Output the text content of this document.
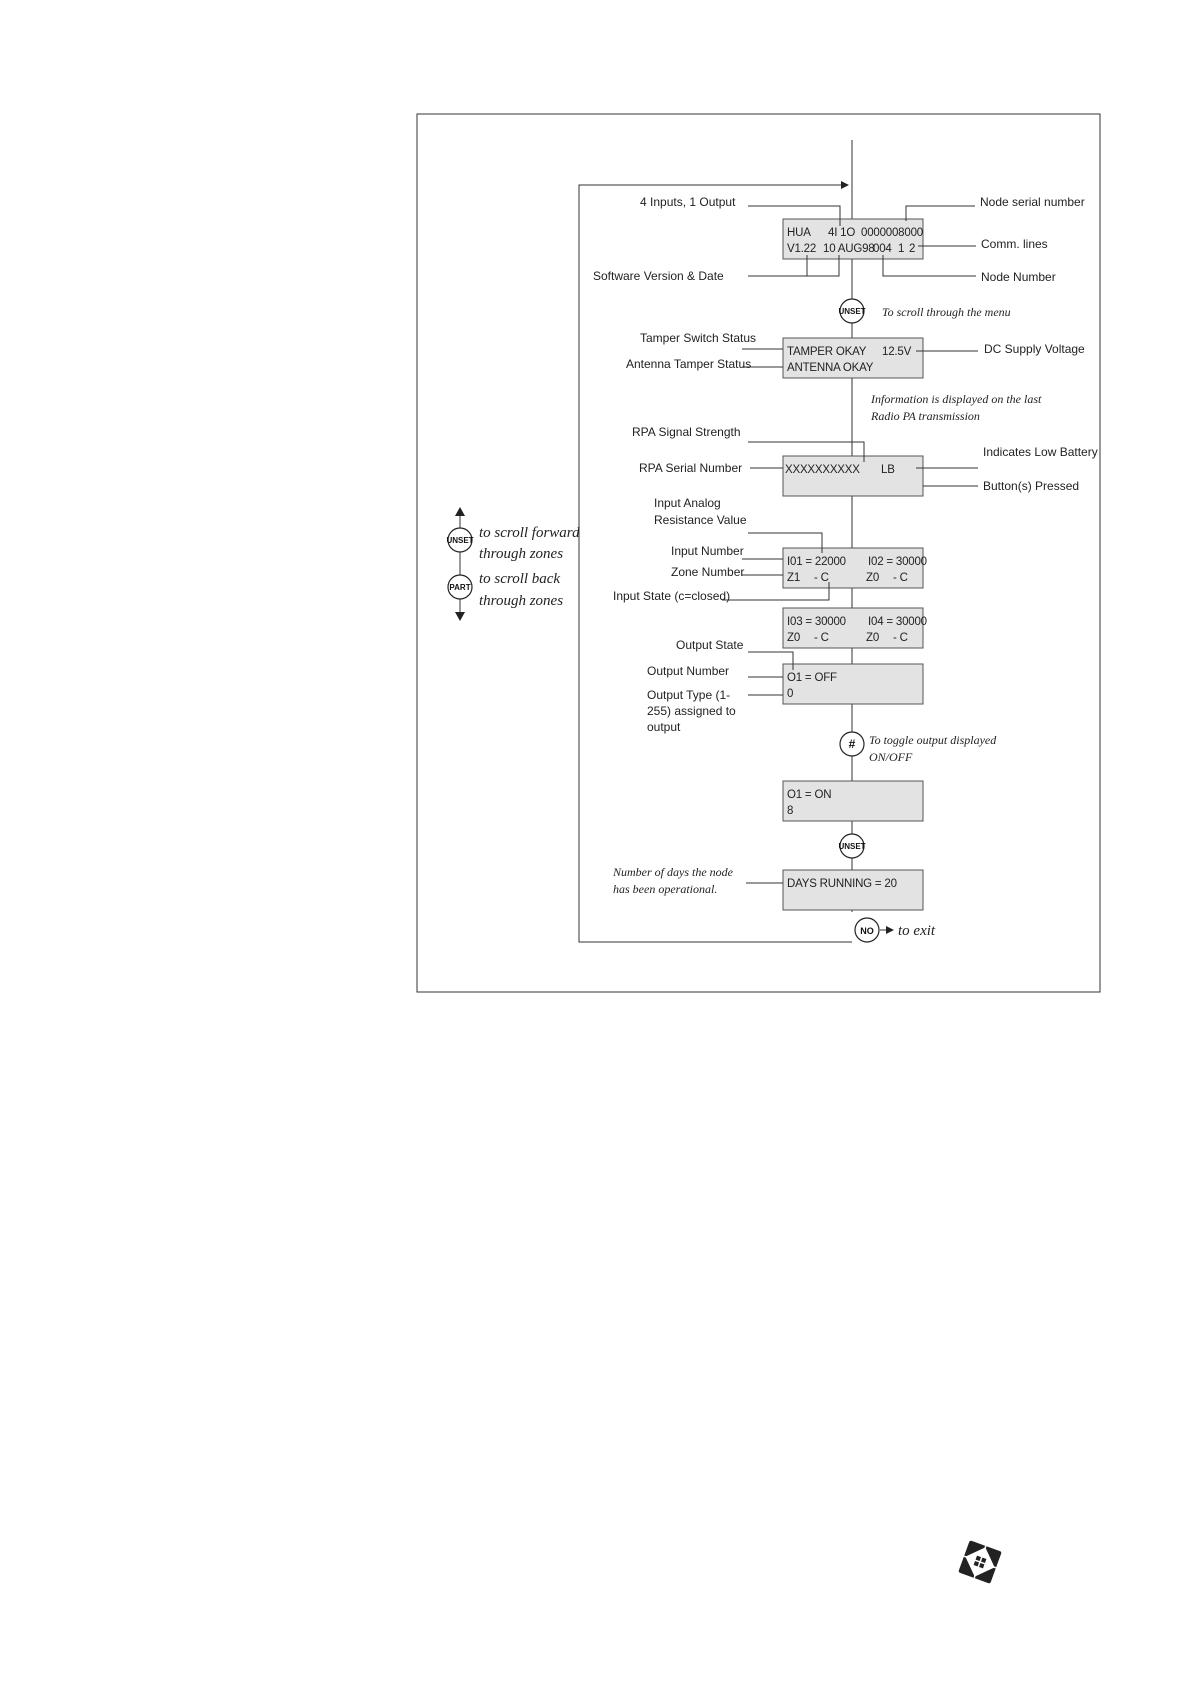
HUA 4I 1O 0000008000
V1.22 10 AUG98
004 1 2
4 Inputs, 1 Output	Node serial number
Comm. lines
Software Version & Date	Node Number
UNSET To scroll through the menu
TAMPER OKAY 12.5V
ANTENNA OKAY
Tamper Switch Status
Antenna Tamper Status
DC Supply Voltage
Information is displayed on the last
Radio PA transmission
XXXXXXXXXX LB
RPA Signal Strength
RPA Serial Number
Indicates Low Battery
Button(s) Pressed
I01 = 22000 I02 = 30000
Z1 - C	Z0 - C
Input Analog
Resistance Value
Input Number
Zone Number
Input State (c=closed)
I03 = 30000 I04 = 30000
Z0 - C	Z0 - C
O1 = OFF
0
Output State
Output Number
Output Type (1-
255) assigned to
output
# To toggle output displayed
ON/OFF
O1 = ON
8
UNSET
DAYS RUNNING = 20
Number of days the node
has been operational.
NO to exit
UNSET
PART
to scroll forward
through zones
to scroll back
through zones
